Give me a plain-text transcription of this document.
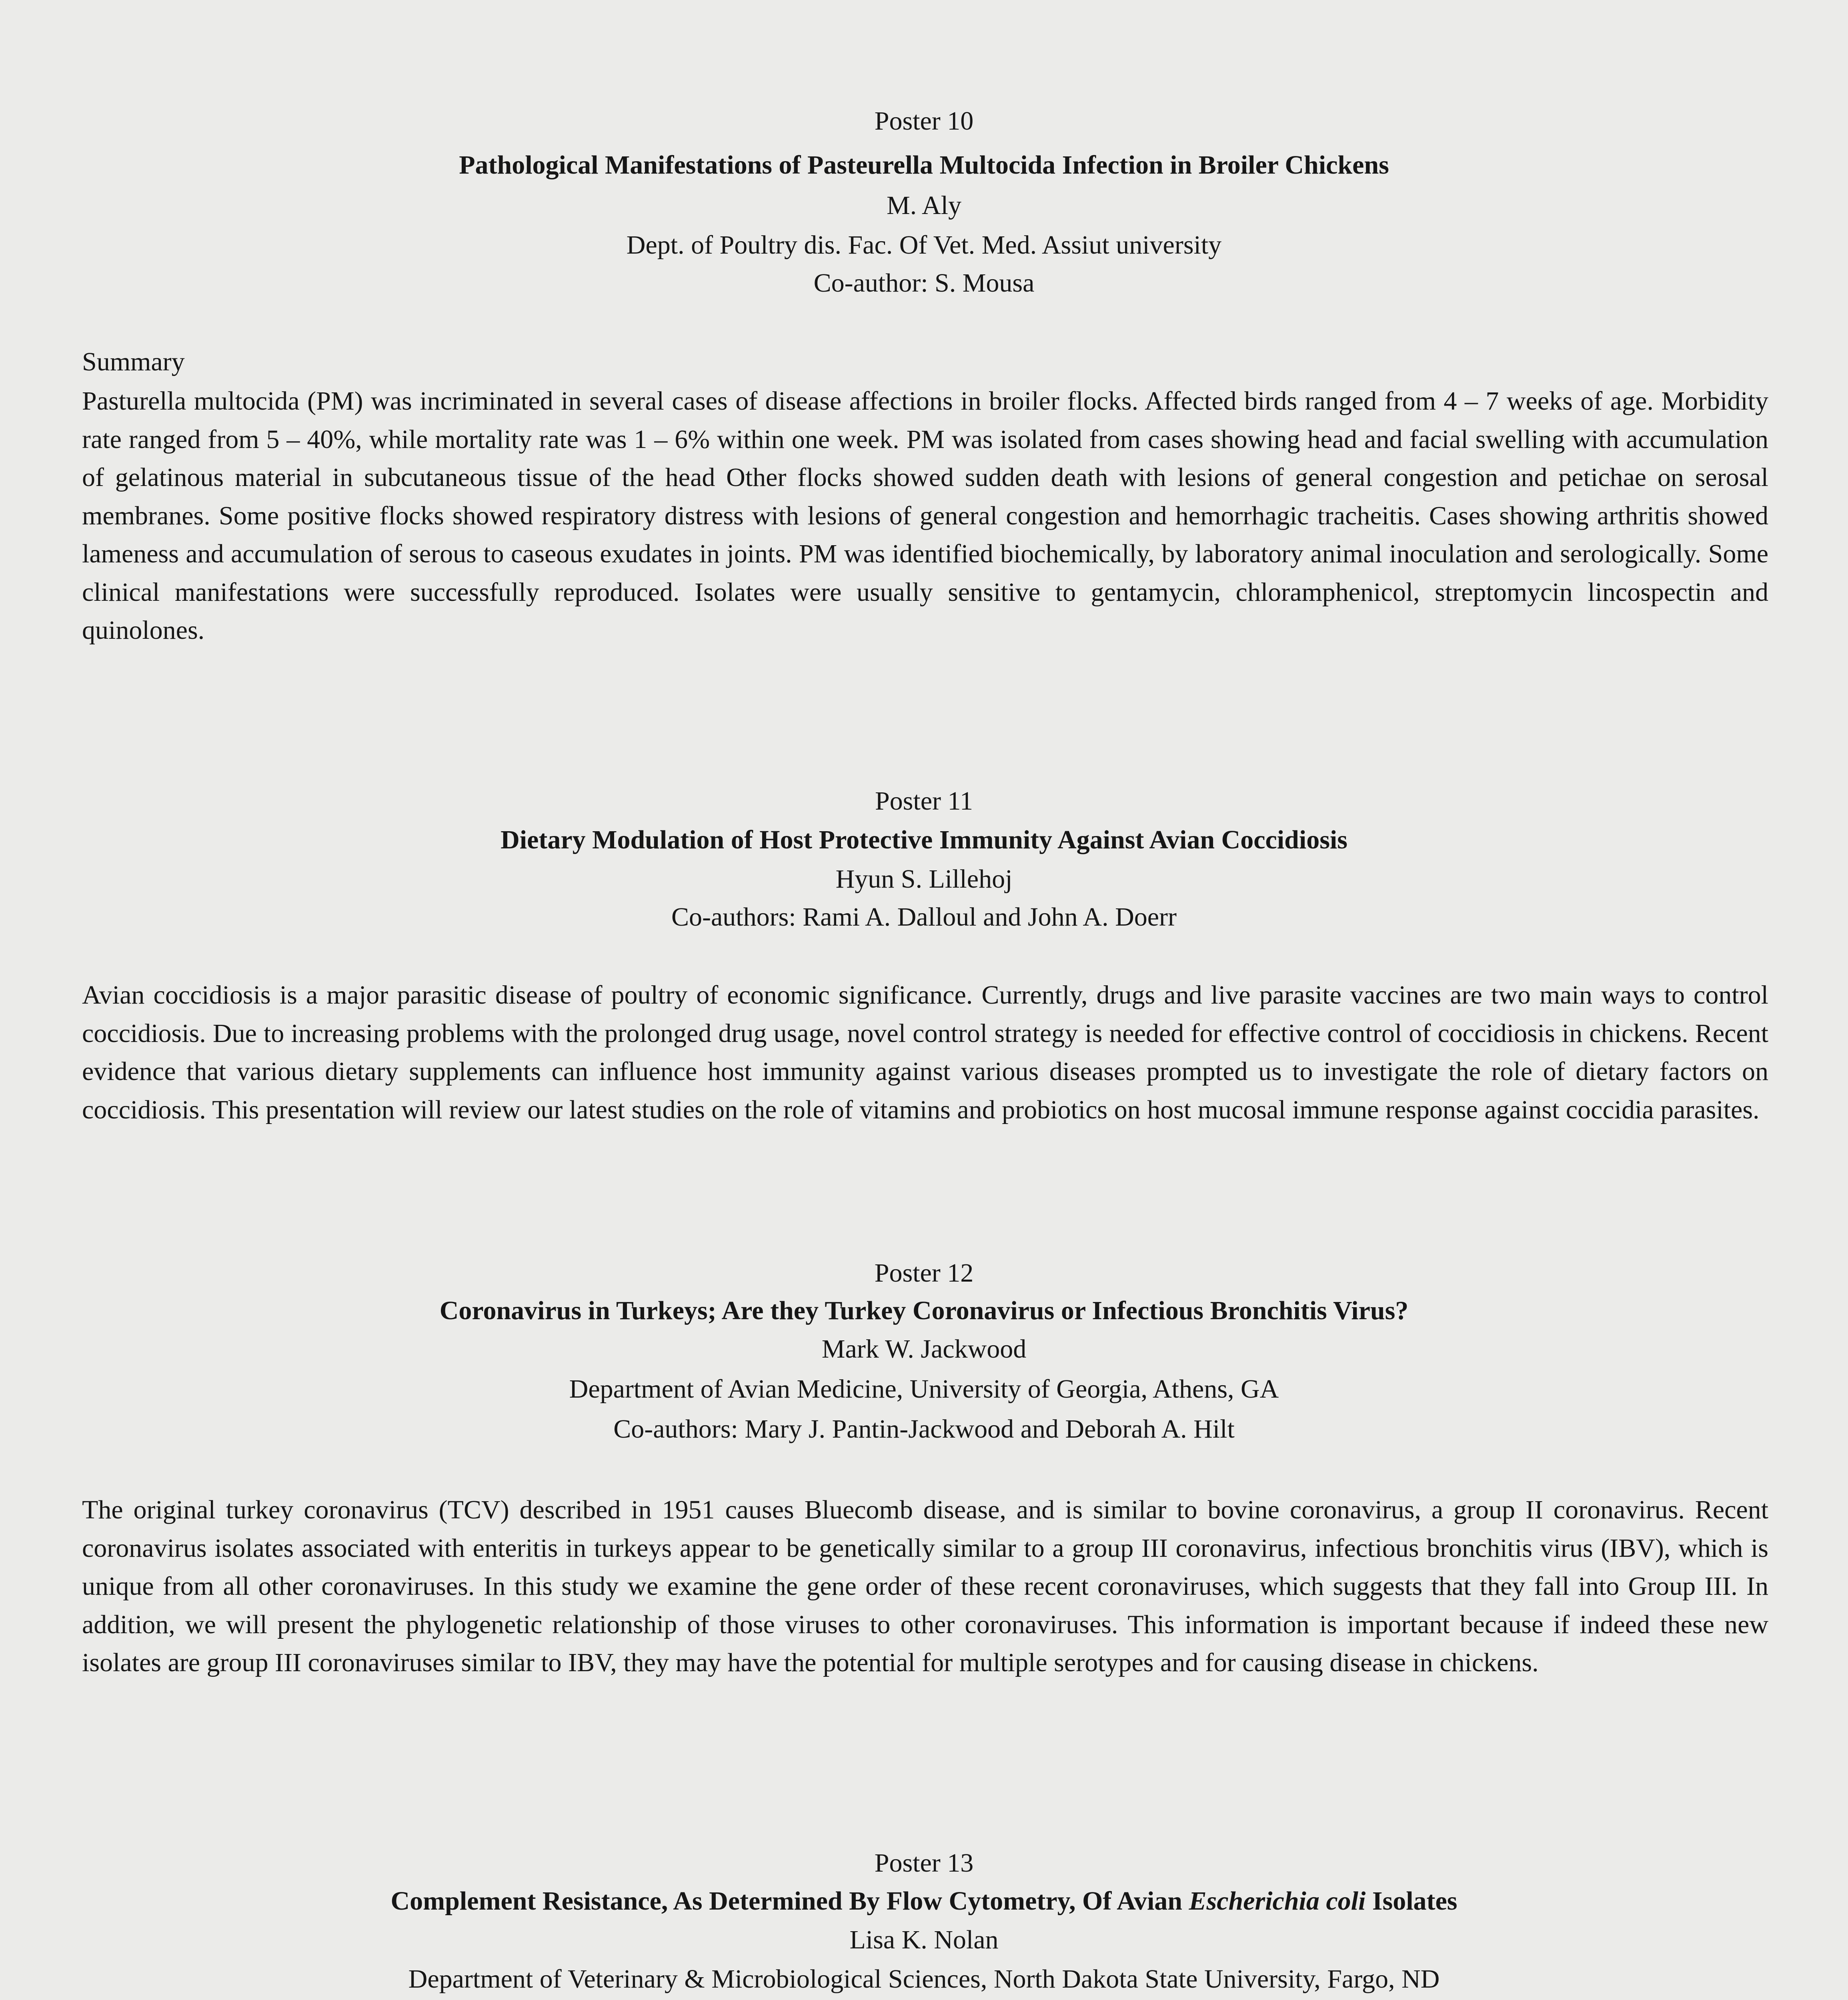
Poster 10
Pathological Manifestations of Pasteurella Multocida Infection in Broiler Chickens
M. Aly
Dept. of Poultry dis. Fac. Of Vet. Med. Assiut university
Co-author: S. Mousa
Summary
Pasturella multocida (PM) was incriminated in several cases of disease affections in broiler flocks. Affected birds ranged from 4 – 7 weeks of age. Morbidity rate ranged from 5 – 40%, while mortality rate was 1 – 6% within one week. PM was isolated from cases showing head and facial swelling with accumulation of gelatinous material in subcutaneous tissue of the head Other flocks showed sudden death with lesions of general congestion and petichae on serosal membranes. Some positive flocks showed respiratory distress with lesions of general congestion and hemorrhagic tracheitis. Cases showing arthritis showed lameness and accumulation of serous to caseous exudates in joints. PM was identified biochemically, by laboratory animal inoculation and serologically. Some clinical manifestations were successfully reproduced. Isolates were usually sensitive to gentamycin, chloramphenicol, streptomycin lincospectin and quinolones.
Poster 11
Dietary Modulation of Host Protective Immunity Against Avian Coccidiosis
Hyun S. Lillehoj
Co-authors: Rami A. Dalloul and John A. Doerr
Avian coccidiosis is a major parasitic disease of poultry of economic significance. Currently, drugs and live parasite vaccines are two main ways to control coccidiosis. Due to increasing problems with the prolonged drug usage, novel control strategy is needed for effective control of coccidiosis in chickens. Recent evidence that various dietary supplements can influence host immunity against various diseases prompted us to investigate the role of dietary factors on coccidiosis. This presentation will review our latest studies on the role of vitamins and probiotics on host mucosal immune response against coccidia parasites.
Poster 12
Coronavirus in Turkeys; Are they Turkey Coronavirus or Infectious Bronchitis Virus?
Mark W. Jackwood
Department of Avian Medicine, University of Georgia, Athens, GA
Co-authors: Mary J. Pantin-Jackwood and Deborah A. Hilt
The original turkey coronavirus (TCV) described in 1951 causes Bluecomb disease, and is similar to bovine coronavirus, a group II coronavirus. Recent coronavirus isolates associated with enteritis in turkeys appear to be genetically similar to a group III coronavirus, infectious bronchitis virus (IBV), which is unique from all other coronaviruses. In this study we examine the gene order of these recent coronaviruses, which suggests that they fall into Group III. In addition, we will present the phylogenetic relationship of those viruses to other coronaviruses. This information is important because if indeed these new isolates are group III coronaviruses similar to IBV, they may have the potential for multiple serotypes and for causing disease in chickens.
Poster 13
Complement Resistance, As Determined By Flow Cytometry, Of Avian Escherichia coli Isolates
Lisa K. Nolan
Department of Veterinary & Microbiological Sciences, North Dakota State University, Fargo, ND
